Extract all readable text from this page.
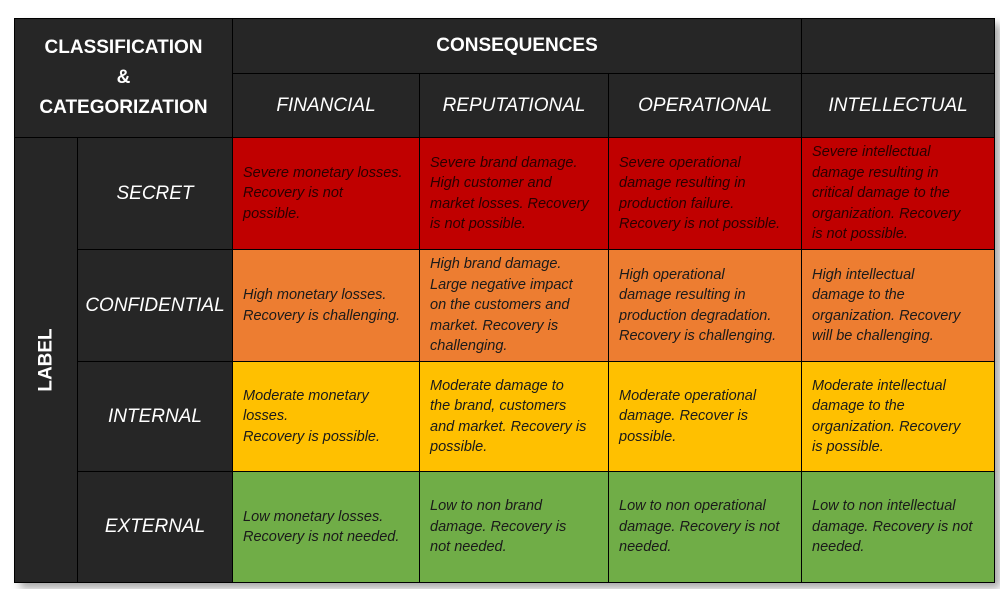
CLASSIFICATION
&
CATEGORIZATION		CONSEQUENCES			

		FINANCIAL	REPUTATIONAL	OPERATIONAL	INTELLECTUAL
LABEL	SECRET	Severe monetary losses.
Recovery is not
possible.	Severe brand damage.
High customer and
market losses. Recovery
is not possible.	Severe operational
damage resulting in
production failure.
Recovery is not possible.	Severe intellectual
damage resulting in
critical damage to the
organization. Recovery
is not possible.
	CONFIDENTIAL	High monetary losses.
Recovery is challenging.	High brand damage.
Large negative impact
on the customers and
market. Recovery is
challenging.	High operational
damage resulting in
production degradation.
Recovery is challenging.	High intellectual
damage to the
organization. Recovery
will be challenging.
	INTERNAL	Moderate monetary
losses.
Recovery is possible.	Moderate damage to
the brand, customers
and market. Recovery is
possible.	Moderate operational
damage. Recover is
possible.	Moderate intellectual
damage to the
organization. Recovery
is possible.
	EXTERNAL	Low monetary losses.
Recovery is not needed.	Low to non brand
damage. Recovery is
not needed.	Low to non operational
damage. Recovery is not
needed.	Low to non intellectual
damage. Recovery is not
needed.
